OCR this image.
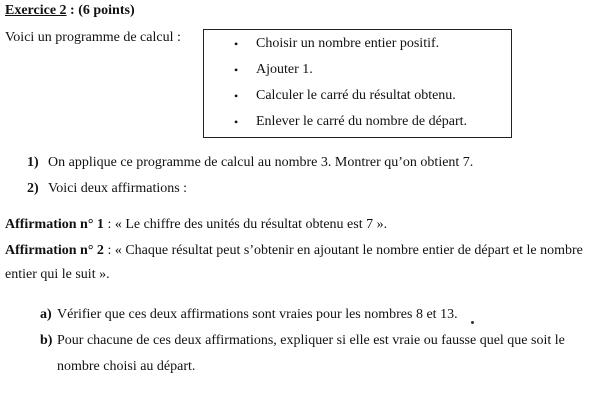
Exercice 2 : (6 points)
Voici un programme de calcul :	• Choisir un nombre entier positif.
• Ajouter 1.
• Calculer le carré du résultat obtenu.
• Enlever le carré du nombre de départ.
1) On applique ce programme de calcul au nombre 3. Montrer qu’on obtient 7.
2) Voici deux affirmations :
Affirmation n° 1 : « Le chiffre des unités du résultat obtenu est 7 ».
Affirmation n° 2 : « Chaque résultat peut s’obtenir en ajoutant le nombre entier de départ et le nombre
entier qui le suit ».
a) Vérifier que ces deux affirmations sont vraies pour les nombres 8 et 13.
b) Pour chacune de ces deux affirmations, expliquer si elle est vraie ou fausse quel que soit le
nombre choisi au départ.
